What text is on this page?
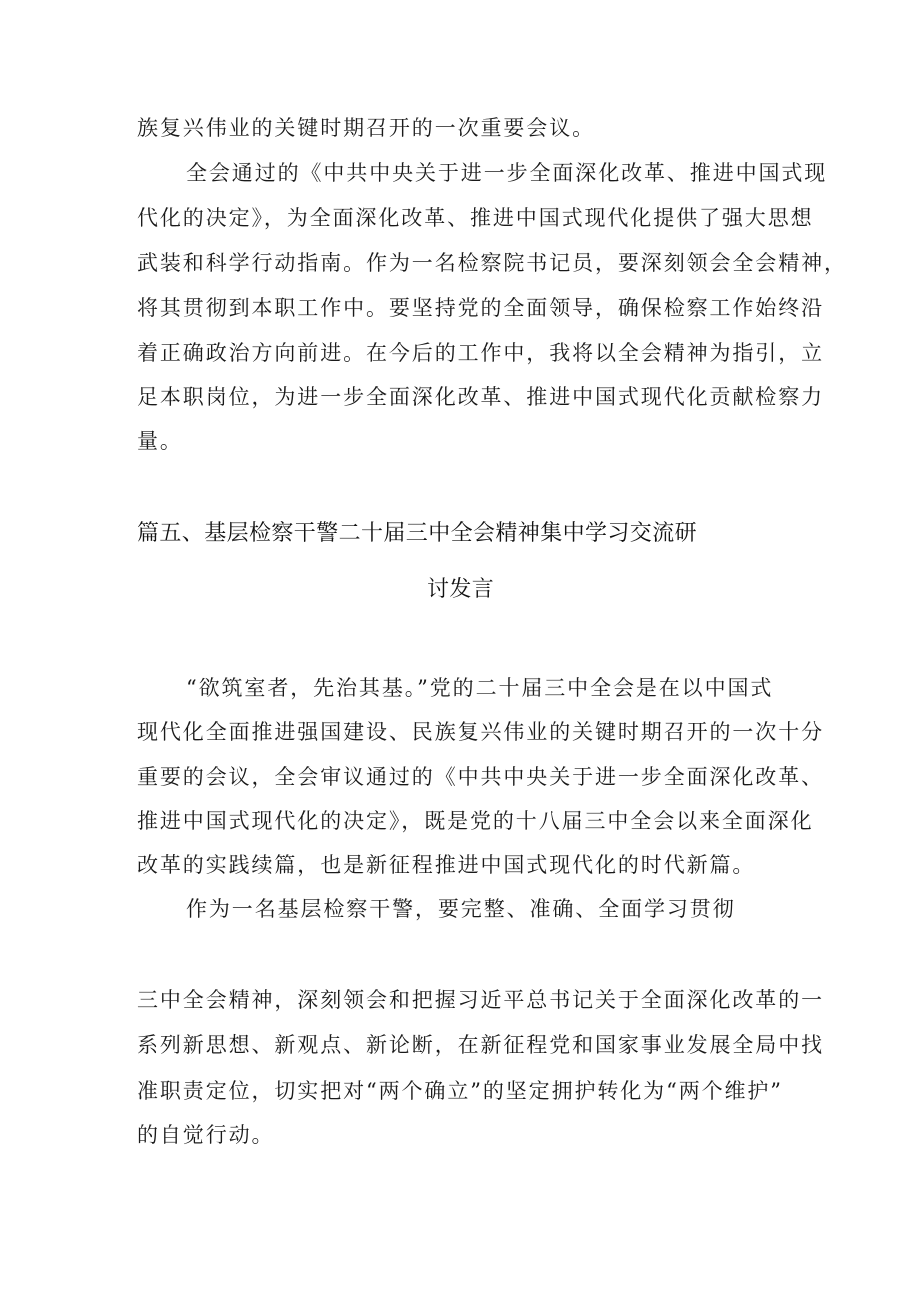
族复兴伟业的关键时期召开的一次重要会议。
全会通过的《中共中央关于进一步全面深化改革、推进中国式现
代化的决定》，为全面深化改革、推进中国式现代化提供了强大思想
武装和科学行动指南。作为一名检察院书记员，要深刻领会全会精神，
将其贯彻到本职工作中。要坚持党的全面领导，确保检察工作始终沿
着正确政治方向前进。在今后的工作中，我将以全会精神为指引，立
足本职岗位，为进一步全面深化改革、推进中国式现代化贡献检察力
量。
篇五、基层检察干警二十届三中全会精神集中学习交流研
讨发言
“欲筑室者，先治其基。”党的二十届三中全会是在以中国式
现代化全面推进强国建设、民族复兴伟业的关键时期召开的一次十分
重要的会议，全会审议通过的《中共中央关于进一步全面深化改革、
推进中国式现代化的决定》，既是党的十八届三中全会以来全面深化
改革的实践续篇，也是新征程推进中国式现代化的时代新篇。
作为一名基层检察干警，要完整、准确、全面学习贯彻
三中全会精神，深刻领会和把握习近平总书记关于全面深化改革的一
系列新思想、新观点、新论断，在新征程党和国家事业发展全局中找
准职责定位，切实把对“两个确立”的坚定拥护转化为“两个维护”
的自觉行动。
